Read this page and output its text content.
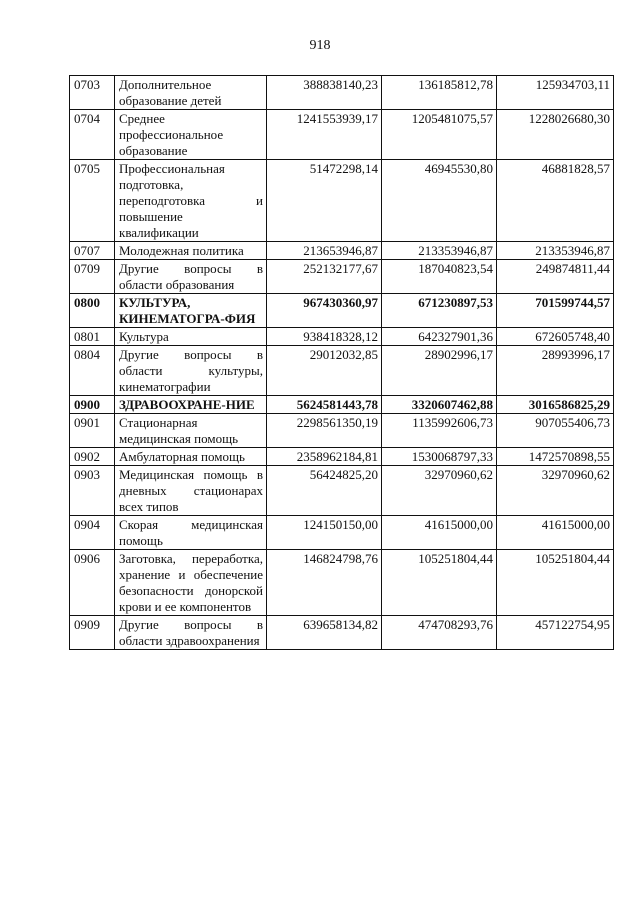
918
0703	Дополнительное образование детей	388838140,23	136185812,78	125934703,11
0704	Среднее профессиональное образование	1241553939,17	1205481075,57	1228026680,30
0705	Профессиональная подготовка, переподготовка и повышение квалификации	51472298,14	46945530,80	46881828,57
0707	Молодежная политика	213653946,87	213353946,87	213353946,87
0709	Другие вопросы в области образования	252132177,67	187040823,54	249874811,44
0800	КУЛЬТУРА, КИНЕМАТОГРА-ФИЯ	967430360,97	671230897,53	701599744,57
0801	Культура	938418328,12	642327901,36	672605748,40
0804	Другие вопросы в области культуры, кинематографии	29012032,85	28902996,17	28993996,17
0900	ЗДРАВООХРАНЕ-НИЕ	5624581443,78	3320607462,88	3016586825,29
0901	Стационарная медицинская помощь	2298561350,19	1135992606,73	907055406,73
0902	Амбулаторная помощь	2358962184,81	1530068797,33	1472570898,55
0903	Медицинская помощь в дневных стационарах всех типов	56424825,20	32970960,62	32970960,62
0904	Скорая медицинская помощь	124150150,00	41615000,00	41615000,00
0906	Заготовка, переработка, хранение и обеспечение безопасности донорской крови и ее компонентов	146824798,76	105251804,44	105251804,44
0909	Другие вопросы в области здравоохранения	639658134,82	474708293,76	457122754,95
